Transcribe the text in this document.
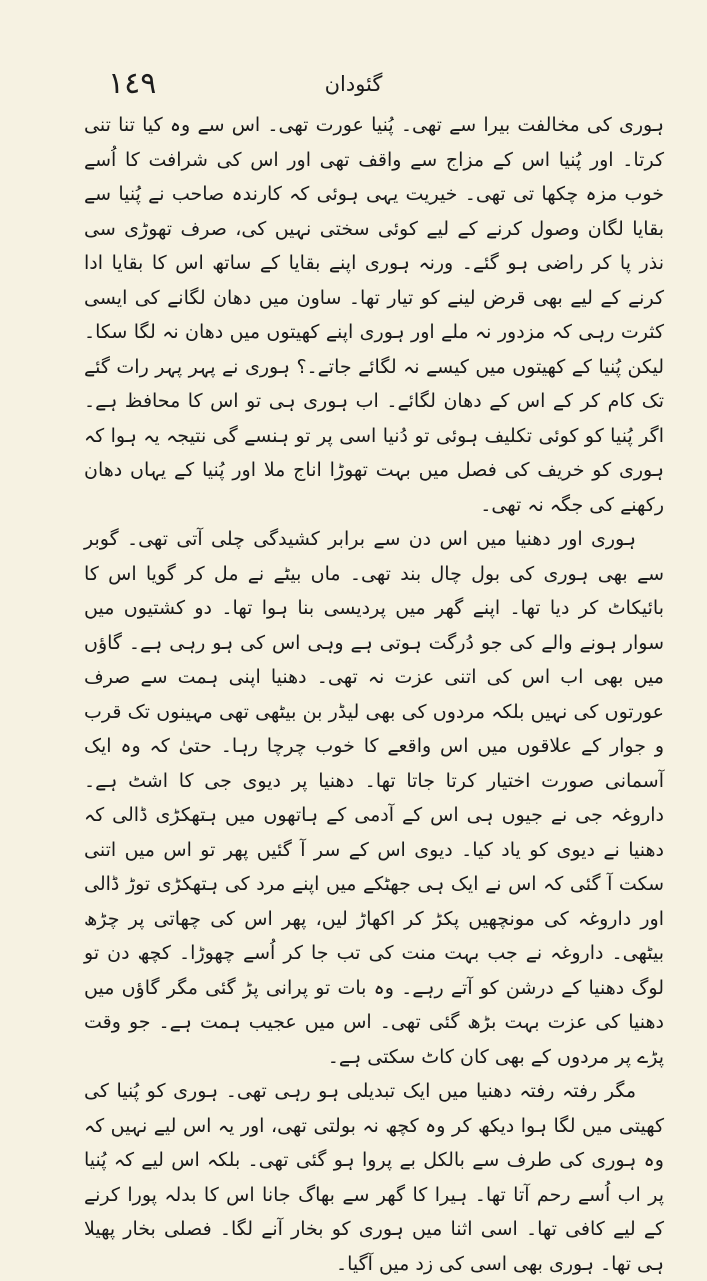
١٤٩	گئودان

ہوری کی مخالفت بیرا سے تھی۔ پُنیا عورت تھی۔ اس سے وہ کیا تنا تنی کرتا۔ اور پُنیا اس کے مزاج سے واقف تھی اور اس کی شرافت کا اُسے خوب مزہ چکھا تی تھی۔ خیریت یہی ہوئی کہ کارندہ صاحب نے پُنیا سے بقایا لگان وصول کرنے کے لیے کوئی سختی نہیں کی، صرف تھوڑی سی نذر پا کر راضی ہو گئے۔ ورنہ ہوری اپنے بقایا کے ساتھ اس کا بقایا ادا کرنے کے لیے بھی قرض لینے کو تیار تھا۔ ساون میں دھان لگانے کی ایسی کثرت رہی کہ مزدور نہ ملے اور ہوری اپنے کھیتوں میں دھان نہ لگا سکا۔ لیکن پُنیا کے کھیتوں میں کیسے نہ لگائے جاتے۔؟ ہوری نے پہر پہر رات گئے تک کام کر کے اس کے دھان لگائے۔ اب ہوری ہی تو اس کا محافظ ہے۔ اگر پُنیا کو کوئی تکلیف ہوئی تو دُنیا اسی پر تو ہنسے گی نتیجہ یہ ہوا کہ ہوری کو خریف کی فصل میں بہت تھوڑا اناج ملا اور پُنیا کے یہاں دھان رکھنے کی جگہ نہ تھی۔

ہوری اور دھنیا میں اس دن سے برابر کشیدگی چلی آتی تھی۔ گوبر سے بھی ہوری کی بول چال بند تھی۔ ماں بیٹے نے مل کر گویا اس کا بائیکاٹ کر دیا تھا۔ اپنے گھر میں پردیسی بنا ہوا تھا۔ دو کشتیوں میں سوار ہونے والے کی جو دُرگت ہوتی ہے وہی اس کی ہو رہی ہے۔ گاؤں میں بھی اب اس کی اتنی عزت نہ تھی۔ دھنیا اپنی ہمت سے صرف عورتوں کی نہیں بلکہ مردوں کی بھی لیڈر بن بیٹھی تھی مہینوں تک قرب و جوار کے علاقوں میں اس واقعے کا خوب چرچا رہا۔ حتیٰ کہ وہ ایک آسمانی صورت اختیار کرتا جاتا تھا۔ دھنیا پر دیوی جی کا اشٹ ہے۔ داروغہ جی نے جیوں ہی اس کے آدمی کے ہاتھوں میں ہتھکڑی ڈالی کہ دھنیا نے دیوی کو یاد کیا۔ دیوی اس کے سر آ گئیں پھر تو اس میں اتنی سکت آ گئی کہ اس نے ایک ہی جھٹکے میں اپنے مرد کی ہتھکڑی توڑ ڈالی اور داروغہ کی مونچھیں پکڑ کر اکھاڑ لیں، پھر اس کی چھاتی پر چڑھ بیٹھی۔ داروغہ نے جب بہت منت کی تب جا کر اُسے چھوڑا۔ کچھ دن تو لوگ دھنیا کے درشن کو آتے رہے۔ وہ بات تو پرانی پڑ گئی مگر گاؤں میں دھنیا کی عزت بہت بڑھ گئی تھی۔ اس میں عجیب ہمت ہے۔ جو وقت پڑے پر مردوں کے بھی کان کاٹ سکتی ہے۔

مگر رفتہ رفتہ دھنیا میں ایک تبدیلی ہو رہی تھی۔ ہوری کو پُنیا کی کھیتی میں لگا ہوا دیکھ کر وہ کچھ نہ بولتی تھی، اور یہ اس لیے نہیں کہ وہ ہوری کی طرف سے بالکل بے پروا ہو گئی تھی۔ بلکہ اس لیے کہ پُنیا پر اب اُسے رحم آتا تھا۔ ہیرا کا گھر سے بھاگ جانا اس کا بدلہ پورا کرنے کے لیے کافی تھا۔ اسی اثنا میں ہوری کو بخار آنے لگا۔ فصلی بخار پھیلا ہی تھا۔ ہوری بھی اسی کی زد میں آگیا۔
